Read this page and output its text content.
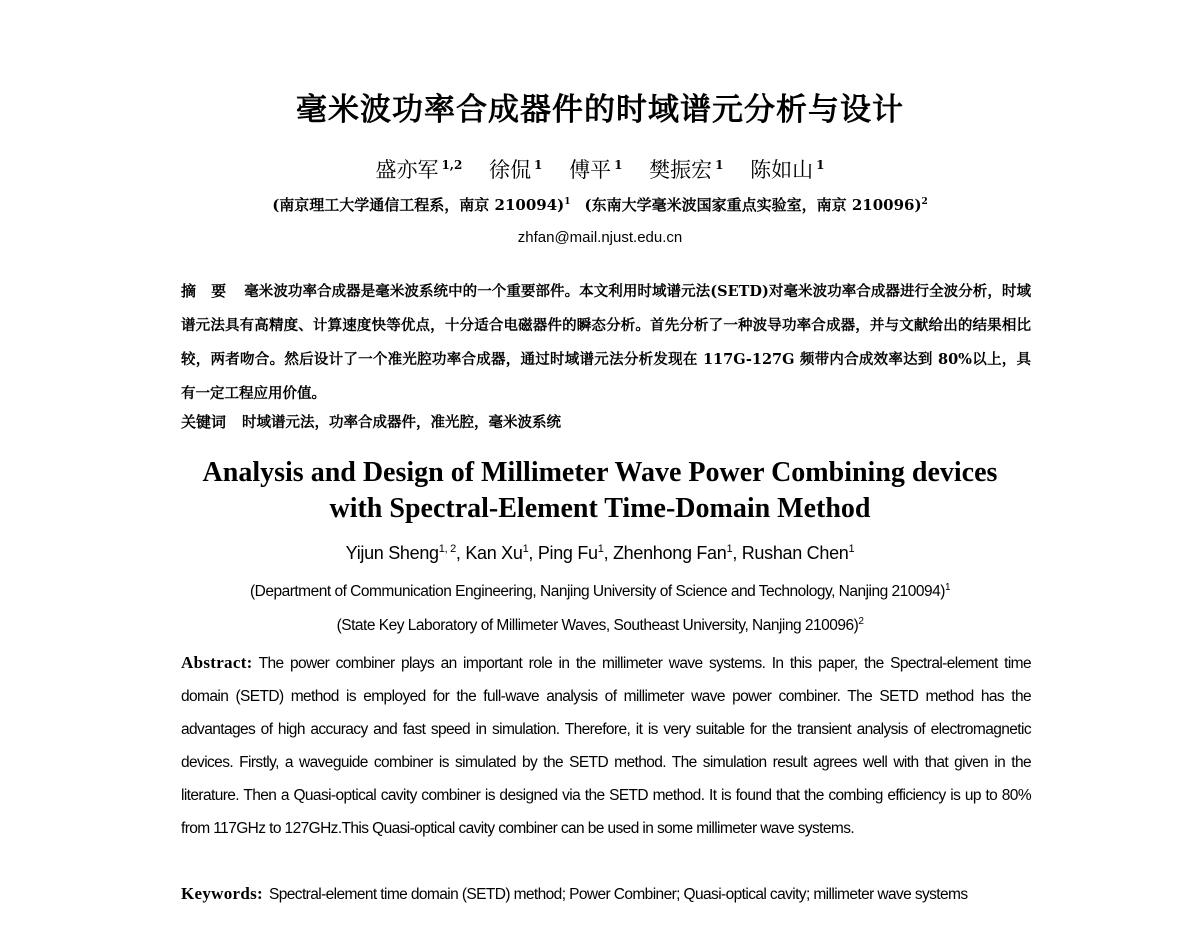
毫米波功率合成器件的时域谱元分析与设计
盛亦军 $^{1,2}$ 徐侃 $^1$ 傅平 $^1$ 樊振宏 $^1$ 陈如山 $^1$
(南京理工大学通信工程系，南京 210094)$^1$ (东南大学毫米波国家重点实验室，南京 210096)$^2$
zhfan@mail.njust.edu.cn
摘　要 毫米波功率合成器是毫米波系统中的一个重要部件。本文利用时域谱元法(SETD)对毫米波功率合成器进行全波分析，时域谱元法具有高精度、计算速度快等优点，十分适合电磁器件的瞬态分析。首先分析了一种波导功率合成器，并与文献给出的结果相比较，两者吻合。然后设计了一个准光腔功率合成器，通过时域谱元法分析发现在 117G-127G 频带内合成效率达到 80%以上，具有一定工程应用价值。
关键词 时域谱元法，功率合成器件，准光腔，毫米波系统
Analysis and Design of Millimeter Wave Power Combining devices
with Spectral-Element Time-Domain Method
Yijun Sheng$^{1, 2}$, Kan Xu$^1$, Ping Fu$^1$, Zhenhong Fan$^1$, Rushan Chen$^1$
(Department of Communication Engineering, Nanjing University of Science and Technology, Nanjing 210094)$^1$
(State Key Laboratory of Millimeter Waves, Southeast University, Nanjing 210096)$^2$
Abstract: The power combiner plays an important role in the millimeter wave systems. In this paper, the Spectral-element time domain (SETD) method is employed for the full-wave analysis of millimeter wave power combiner. The SETD method has the advantages of high accuracy and fast speed in simulation. Therefore, it is very suitable for the transient analysis of electromagnetic devices. Firstly, a waveguide combiner is simulated by the SETD method. The simulation result agrees well with that given in the literature. Then a Quasi-optical cavity combiner is designed via the SETD method. It is found that the combing efficiency is up to 80% from 117GHz to 127GHz.This Quasi-optical cavity combiner can be used in some millimeter wave systems.
Keywords: Spectral-element time domain (SETD) method; Power Combiner; Quasi-optical cavity; millimeter wave systems
